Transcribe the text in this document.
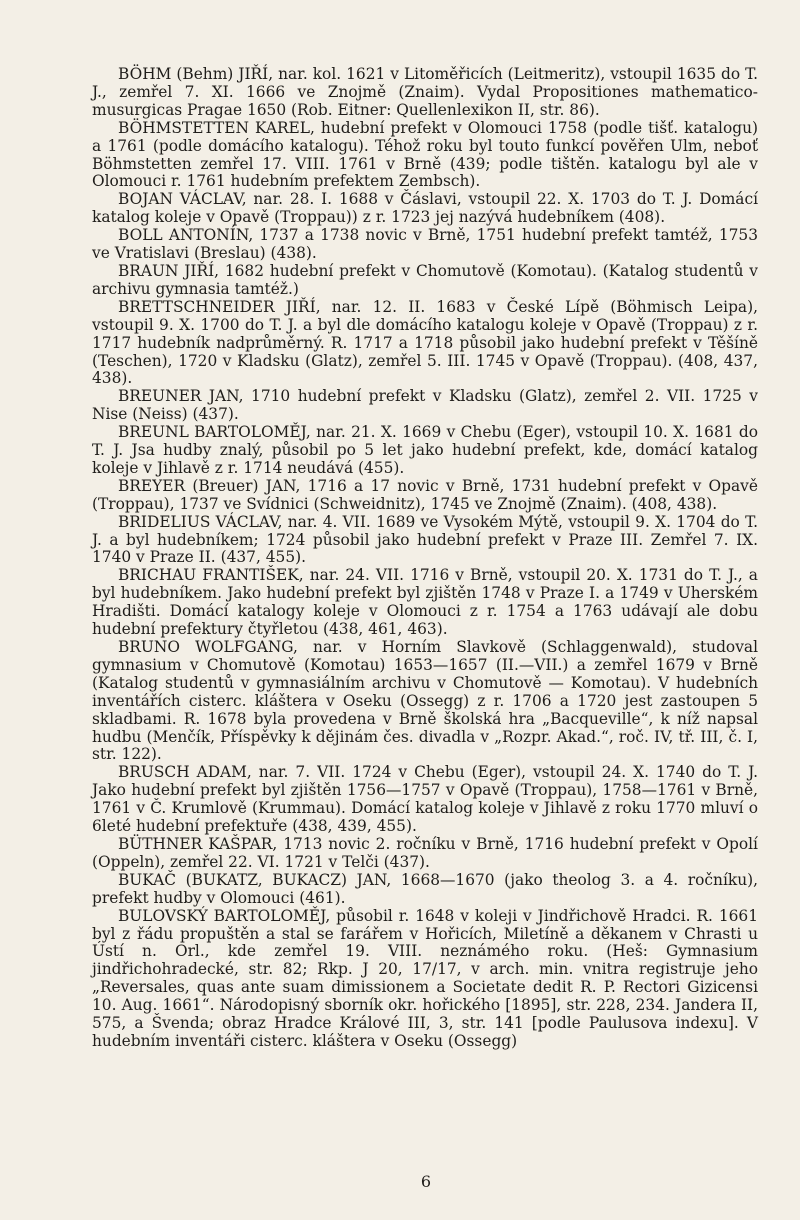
BÖHM (Behm) JIŘÍ, nar. kol. 1621 v Litoměřicích (Leitmeritz), vstoupil 1635 do T. J., zemřel 7. XI. 1666 ve Znojmě (Znaim). Vydal Propositiones mathematico-musurgicas Pragae 1650 (Rob. Eitner: Quellenlexikon II, str. 86).

BÖHMSTETTEN KAREL, hudební prefekt v Olomouci 1758 (podle tišť. katalogu) a 1761 (podle domácího katalogu). Téhož roku byl touto funkcí pověřen Ulm, neboť Böhmstetten zemřel 17. VIII. 1761 v Brně (439; podle tištěn. katalogu byl ale v Olomouci r. 1761 hudebním prefektem Zembsch).

BOJAN VÁCLAV, nar. 28. I. 1688 v Čáslavi, vstoupil 22. X. 1703 do T. J. Domácí katalog koleje v Opavě (Troppau)) z r. 1723 jej nazývá hudebníkem (408).

BOLL ANTONÍN, 1737 a 1738 novic v Brně, 1751 hudební prefekt tamtéž, 1753 ve Vratislavi (Breslau) (438).

BRAUN JIŘÍ, 1682 hudební prefekt v Chomutově (Komotau). (Katalog studentů v archivu gymnasia tamtéž.)

BRETTSCHNEIDER JIŘÍ, nar. 12. II. 1683 v České Lípě (Böhmisch Leipa), vstoupil 9. X. 1700 do T. J. a byl dle domácího katalogu koleje v Opavě (Troppau) z r. 1717 hudebník nadprůměrný. R. 1717 a 1718 působil jako hudební prefekt v Těšíně (Teschen), 1720 v Kladsku (Glatz), zemřel 5. III. 1745 v Opavě (Troppau). (408, 437, 438).

BREUNER JAN, 1710 hudební prefekt v Kladsku (Glatz), zemřel 2. VII. 1725 v Nise (Neiss) (437).

BREUNL BARTOLOMĚJ, nar. 21. X. 1669 v Chebu (Eger), vstoupil 10. X. 1681 do T. J. Jsa hudby znalý, působil po 5 let jako hudební prefekt, kde, domácí katalog koleje v Jihlavě z r. 1714 neudává (455).

BREYER (Breuer) JAN, 1716 a 17 novic v Brně, 1731 hudební prefekt v Opavě (Troppau), 1737 ve Svídnici (Schweidnitz), 1745 ve Znojmě (Znaim). (408, 438).

BRIDELIUS VÁCLAV, nar. 4. VII. 1689 ve Vysokém Mýtě, vstoupil 9. X. 1704 do T. J. a byl hudebníkem; 1724 působil jako hudební prefekt v Praze III. Zemřel 7. IX. 1740 v Praze II. (437, 455).

BRICHAU FRANTIŠEK, nar. 24. VII. 1716 v Brně, vstoupil 20. X. 1731 do T. J., a byl hudebníkem. Jako hudební prefekt byl zjištěn 1748 v Praze I. a 1749 v Uherském Hradišti. Domácí katalogy koleje v Olomouci z r. 1754 a 1763 udávají ale dobu hudební prefektury čtyřletou (438, 461, 463).

BRUNO WOLFGANG, nar. v Horním Slavkově (Schlaggenwald), studoval gymnasium v Chomutově (Komotau) 1653—1657 (II.—VII.) a zemřel 1679 v Brně (Katalog studentů v gymnasiálním archivu v Chomutově — Komotau). V hudebních inventářích cisterc. kláštera v Oseku (Ossegg) z r. 1706 a 1720 jest zastoupen 5 skladbami. R. 1678 byla provedena v Brně školská hra „Bacqueville“, k níž napsal hudbu (Menčík, Příspěvky k dějinám čes. divadla v „Rozpr. Akad.“, roč. IV, tř. III, č. I, str. 122).

BRUSCH ADAM, nar. 7. VII. 1724 v Chebu (Eger), vstoupil 24. X. 1740 do T. J. Jako hudební prefekt byl zjištěn 1756—1757 v Opavě (Troppau), 1758—1761 v Brně, 1761 v Č. Krumlově (Krummau). Domácí katalog koleje v Jihlavě z roku 1770 mluví o 6leté hudební prefektuře (438, 439, 455).

BÜTHNER KAŠPAR, 1713 novic 2. ročníku v Brně, 1716 hudební prefekt v Opolí (Oppeln), zemřel 22. VI. 1721 v Telči (437).

BUKAČ (BUKATZ, BUKACZ) JAN, 1668—1670 (jako theolog 3. a 4. ročníku), prefekt hudby v Olomouci (461).

BULOVSKÝ BARTOLOMĚJ, působil r. 1648 v koleji v Jindřichově Hradci. R. 1661 byl z řádu propuštěn a stal se farářem v Hořicích, Miletíně a děkanem v Chrasti u Ústí n. Orl., kde zemřel 19. VIII. neznámého roku. (Heš: Gymnasium jindřichohradecké, str. 82; Rkp. J 20, 17/17, v arch. min. vnitra registruje jeho „Reversales, quas ante suam dimissionem a Societate dedit R. P. Rectori Gizicensi 10. Aug. 1661“. Národopisný sborník okr. hořického [1895], str. 228, 234. Jandera II, 575, a Švenda; obraz Hradce Králové III, 3, str. 141 [podle Paulusova indexu]. V hudebním inventáři cisterc. kláštera v Oseku (Ossegg)

6
